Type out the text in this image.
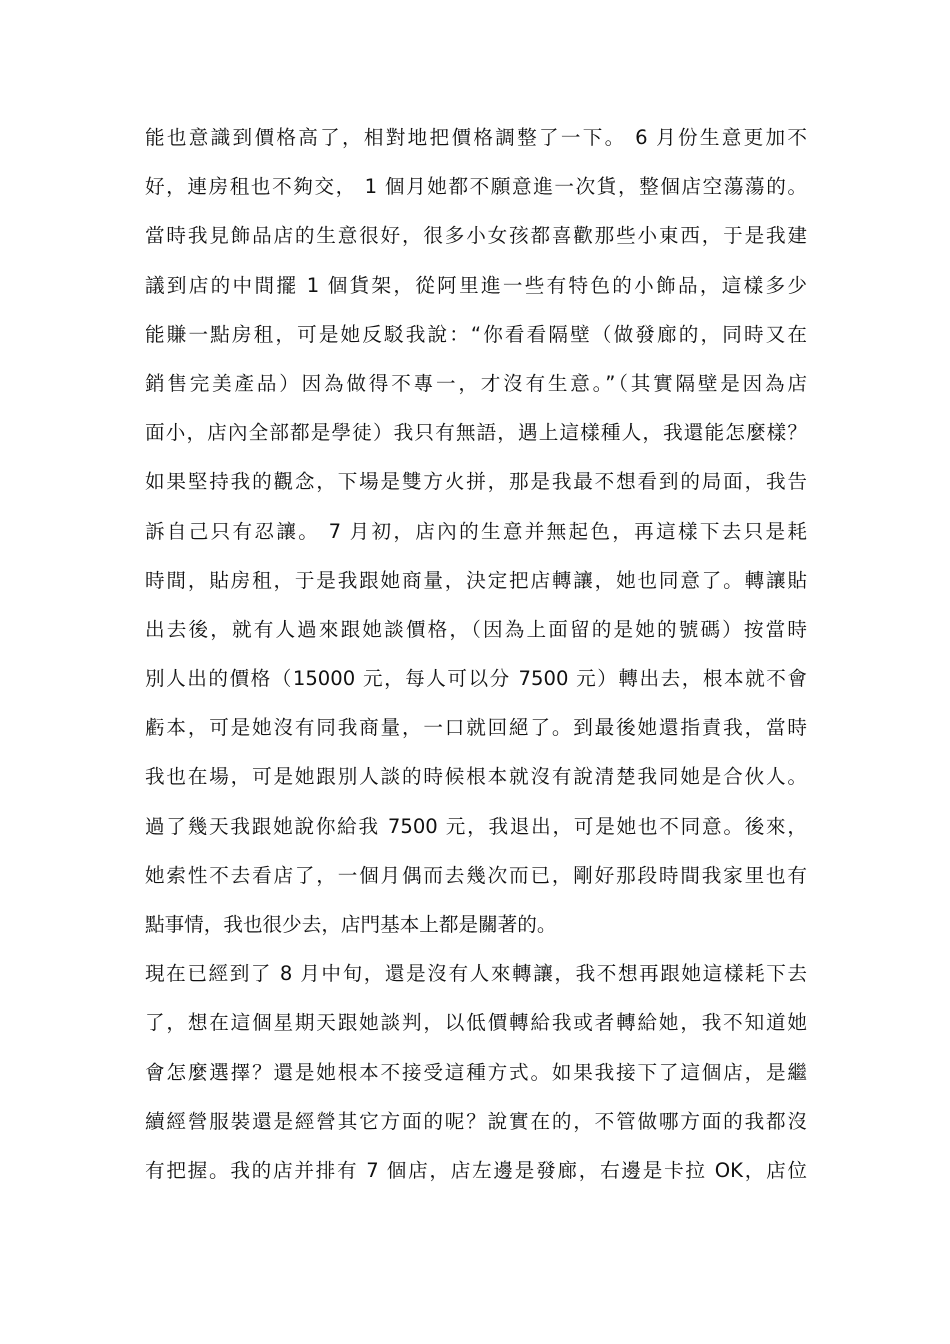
能也意識到價格高了，相對地把價格調整了一下。 6 月份生意更加不
好，連房租也不夠交， 1 個月她都不願意進一次貨，整個店空蕩蕩的。
當時我見飾品店的生意很好，很多小女孩都喜歡那些小東西，于是我建
議到店的中間擺 1 個貨架，從阿里進一些有特色的小飾品，這樣多少
能賺一點房租，可是她反駁我說：“你看看隔壁（做發廊的，同時又在
銷售完美產品）因為做得不專一，才沒有生意。”（其實隔壁是因為店
面小，店內全部都是學徒）我只有無語，遇上這樣種人，我還能怎麼樣？
如果堅持我的觀念，下場是雙方火拼，那是我最不想看到的局面，我告
訴自己只有忍讓。 7 月初，店內的生意并無起色，再這樣下去只是耗
時間，貼房租，于是我跟她商量，決定把店轉讓，她也同意了。轉讓貼
出去後，就有人過來跟她談價格，（因為上面留的是她的號碼）按當時
別人出的價格（15000 元，每人可以分 7500 元）轉出去，根本就不會
虧本，可是她沒有同我商量，一口就回絕了。到最後她還指責我，當時
我也在場，可是她跟別人談的時候根本就沒有說清楚我同她是合伙人。
過了幾天我跟她說你給我 7500 元，我退出，可是她也不同意。後來，
她索性不去看店了，一個月偶而去幾次而已，剛好那段時間我家里也有
點事情，我也很少去，店門基本上都是關著的。
現在已經到了 8 月中旬，還是沒有人來轉讓，我不想再跟她這樣耗下去
了，想在這個星期天跟她談判，以低價轉給我或者轉給她，我不知道她
會怎麼選擇？還是她根本不接受這種方式。如果我接下了這個店，是繼
續經營服裝還是經營其它方面的呢？說實在的，不管做哪方面的我都沒
有把握。我的店并排有 7 個店，店左邊是發廊，右邊是卡拉 OK，店位
